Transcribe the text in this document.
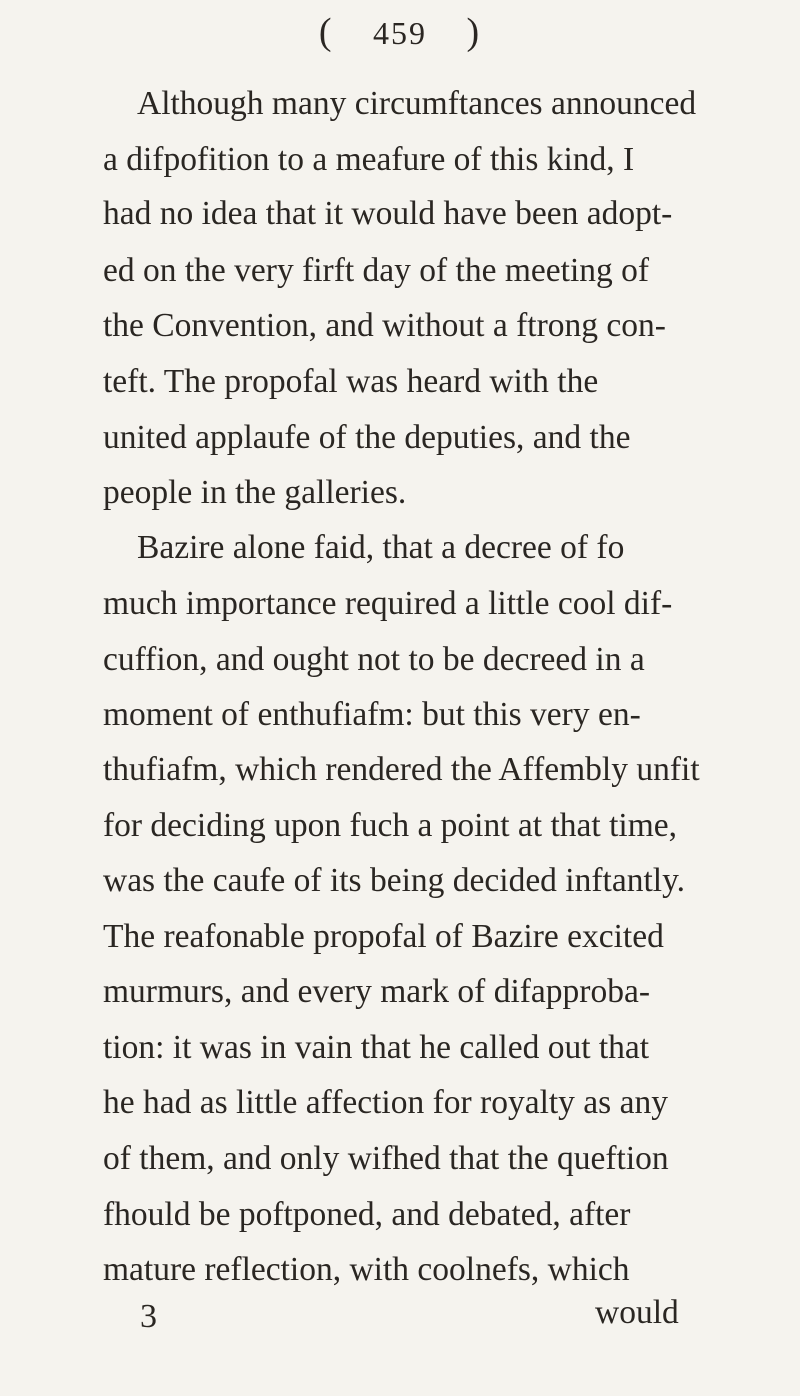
( 459 )
Although many circumftances announced
a difpofition to a meafure of this kind, I
had no idea that it would have been adopt-
ed on the very firft day of the meeting of
the Convention, and without a ftrong con-
teft. The propofal was heard with the
united applaufe of the deputies, and the
people in the galleries.
Bazire alone faid, that a decree of fo
much importance required a little cool dif-
cuffion, and ought not to be decreed in a
moment of enthufiafm: but this very en-
thufiafm, which rendered the Affembly unfit
for deciding upon fuch a point at that time,
was the caufe of its being decided inftantly.
The reafonable propofal of Bazire excited
murmurs, and every mark of difapproba-
tion: it was in vain that he called out that
he had as little affection for royalty as any
of them, and only wifhed that the queftion
fhould be poftponed, and debated, after
mature reflection, with coolnefs, which
3	would
